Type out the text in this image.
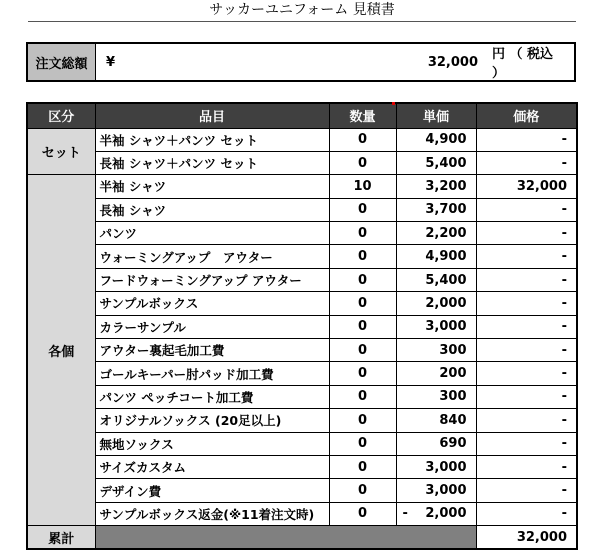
サッカーユニフォーム 見積書
注文総額	¥	32,000	円 （ 税込 ）
区分	品目	数量	単価	価格
セット	半袖 シャツ＋パンツ セット	0	4,900	-
	長袖 シャツ＋パンツ セット	0	5,400	-
各個	半袖 シャツ	10	3,200	32,000
	長袖 シャツ	0	3,700	-
	パンツ	0	2,200	-
	ウォーミングアップ　アウター	0	4,900	-
	フードウォーミングアップ アウター	0	5,400	-
	サンプルボックス	0	2,000	-
	カラーサンプル	0	3,000	-
	アウター裏起毛加工費	0	300	-
	ゴールキーパー肘パッド加工費	0	200	-
	パンツ ぺッチコート加工費	0	300	-
	オリジナルソックス (20足以上)	0	840	-
	無地ソックス	0	690	-
	サイズカスタム	0	3,000	-
	デザイン費	0	3,000	-
	サンプルボックス返金(※11着注文時)	0	- 2,000	-
累計				32,000
